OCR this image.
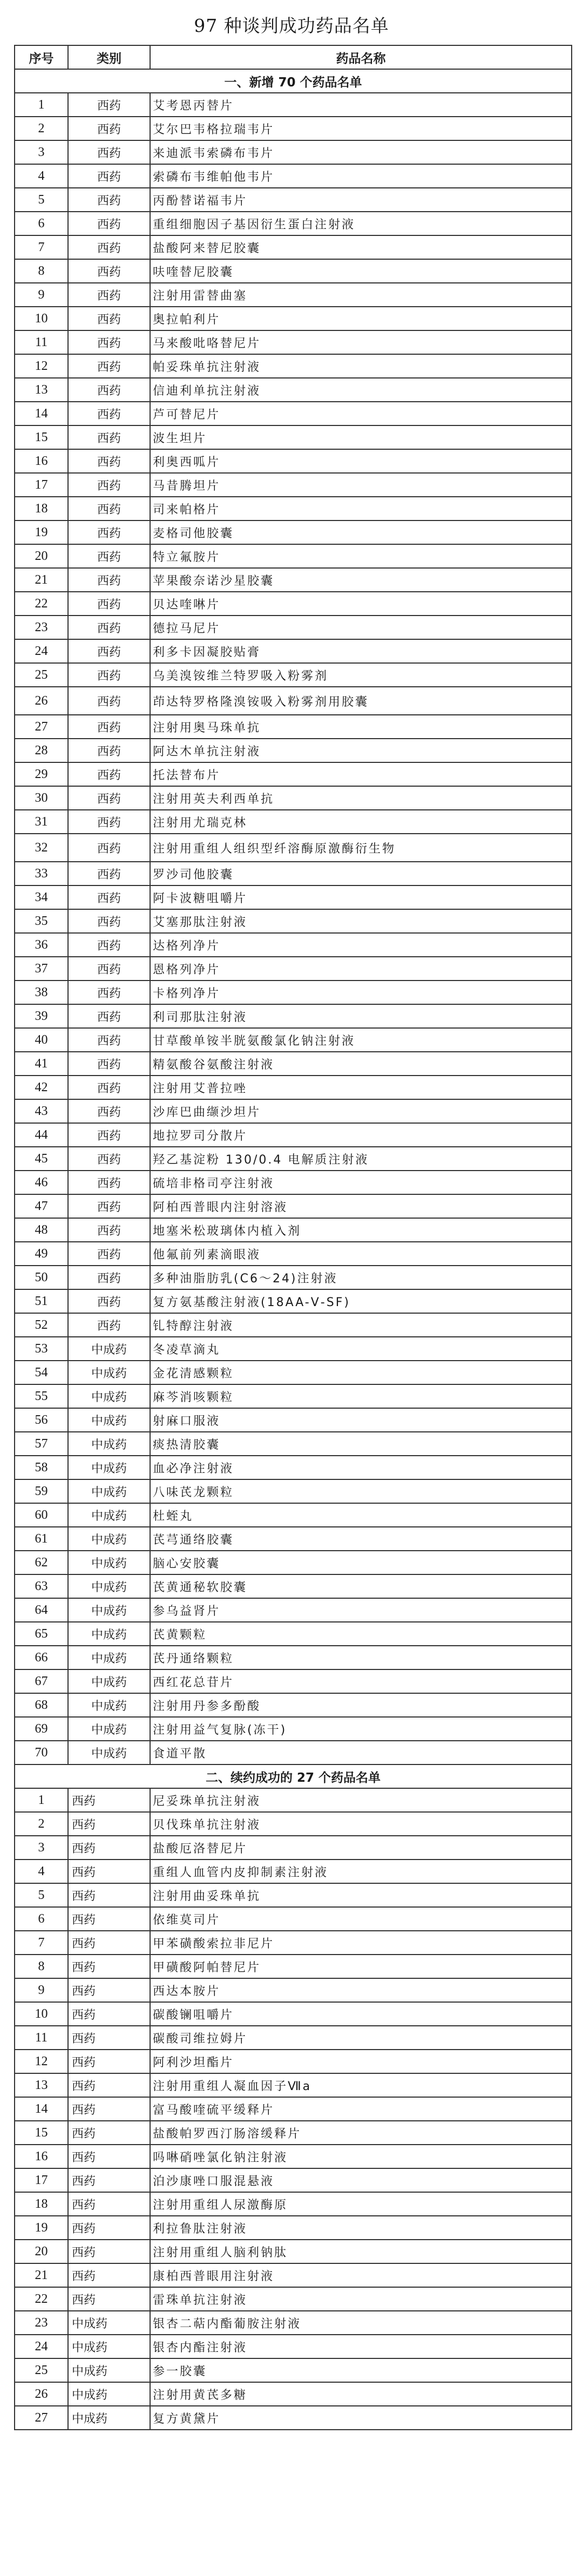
97 种谈判成功药品名单
序号	类别	药品名称
一、新增 70 个药品名单		
1	西药	艾考恩丙替片
2	西药	艾尔巴韦格拉瑞韦片
3	西药	来迪派韦索磷布韦片
4	西药	索磷布韦维帕他韦片
5	西药	丙酚替诺福韦片
6	西药	重组细胞因子基因衍生蛋白注射液
7	西药	盐酸阿来替尼胶囊
8	西药	呋喹替尼胶囊
9	西药	注射用雷替曲塞
10	西药	奥拉帕利片
11	西药	马来酸吡咯替尼片
12	西药	帕妥珠单抗注射液
13	西药	信迪利单抗注射液
14	西药	芦可替尼片
15	西药	波生坦片
16	西药	利奥西呱片
17	西药	马昔腾坦片
18	西药	司来帕格片
19	西药	麦格司他胶囊
20	西药	特立氟胺片
21	西药	苹果酸奈诺沙星胶囊
22	西药	贝达喹啉片
23	西药	德拉马尼片
24	西药	利多卡因凝胶贴膏
25	西药	乌美溴铵维兰特罗吸入粉雾剂
26	西药	茚达特罗格隆溴铵吸入粉雾剂用胶囊
27	西药	注射用奥马珠单抗
28	西药	阿达木单抗注射液
29	西药	托法替布片
30	西药	注射用英夫利西单抗
31	西药	注射用尤瑞克林
32	西药	注射用重组人组织型纤溶酶原激酶衍生物
33	西药	罗沙司他胶囊
34	西药	阿卡波糖咀嚼片
35	西药	艾塞那肽注射液
36	西药	达格列净片
37	西药	恩格列净片
38	西药	卡格列净片
39	西药	利司那肽注射液
40	西药	甘草酸单铵半胱氨酸氯化钠注射液
41	西药	精氨酸谷氨酸注射液
42	西药	注射用艾普拉唑
43	西药	沙库巴曲缬沙坦片
44	西药	地拉罗司分散片
45	西药	羟乙基淀粉 130/0.4 电解质注射液
46	西药	硫培非格司亭注射液
47	西药	阿柏西普眼内注射溶液
48	西药	地塞米松玻璃体内植入剂
49	西药	他氟前列素滴眼液
50	西药	多种油脂肪乳(C6～24)注射液
51	西药	复方氨基酸注射液(18AA-Ⅴ-SF)
52	西药	钆特醇注射液
53	中成药	冬凌草滴丸
54	中成药	金花清感颗粒
55	中成药	麻芩消咳颗粒
56	中成药	射麻口服液
57	中成药	痰热清胶囊
58	中成药	血必净注射液
59	中成药	八味芪龙颗粒
60	中成药	杜蛭丸
61	中成药	芪芎通络胶囊
62	中成药	脑心安胶囊
63	中成药	芪黄通秘软胶囊
64	中成药	参乌益肾片
65	中成药	芪黄颗粒
66	中成药	芪丹通络颗粒
67	中成药	西红花总苷片
68	中成药	注射用丹参多酚酸
69	中成药	注射用益气复脉(冻干)
70	中成药	食道平散
二、续约成功的 27 个药品名单		
1	西药	尼妥珠单抗注射液
2	西药	贝伐珠单抗注射液
3	西药	盐酸厄洛替尼片
4	西药	重组人血管内皮抑制素注射液
5	西药	注射用曲妥珠单抗
6	西药	依维莫司片
7	西药	甲苯磺酸索拉非尼片
8	西药	甲磺酸阿帕替尼片
9	西药	西达本胺片
10	西药	碳酸镧咀嚼片
11	西药	碳酸司维拉姆片
12	西药	阿利沙坦酯片
13	西药	注射用重组人凝血因子Ⅶa
14	西药	富马酸喹硫平缓释片
15	西药	盐酸帕罗西汀肠溶缓释片
16	西药	吗啉硝唑氯化钠注射液
17	西药	泊沙康唑口服混悬液
18	西药	注射用重组人尿激酶原
19	西药	利拉鲁肽注射液
20	西药	注射用重组人脑利钠肽
21	西药	康柏西普眼用注射液
22	西药	雷珠单抗注射液
23	中成药	银杏二萜内酯葡胺注射液
24	中成药	银杏内酯注射液
25	中成药	参一胶囊
26	中成药	注射用黄芪多糖
27	中成药	复方黄黛片
